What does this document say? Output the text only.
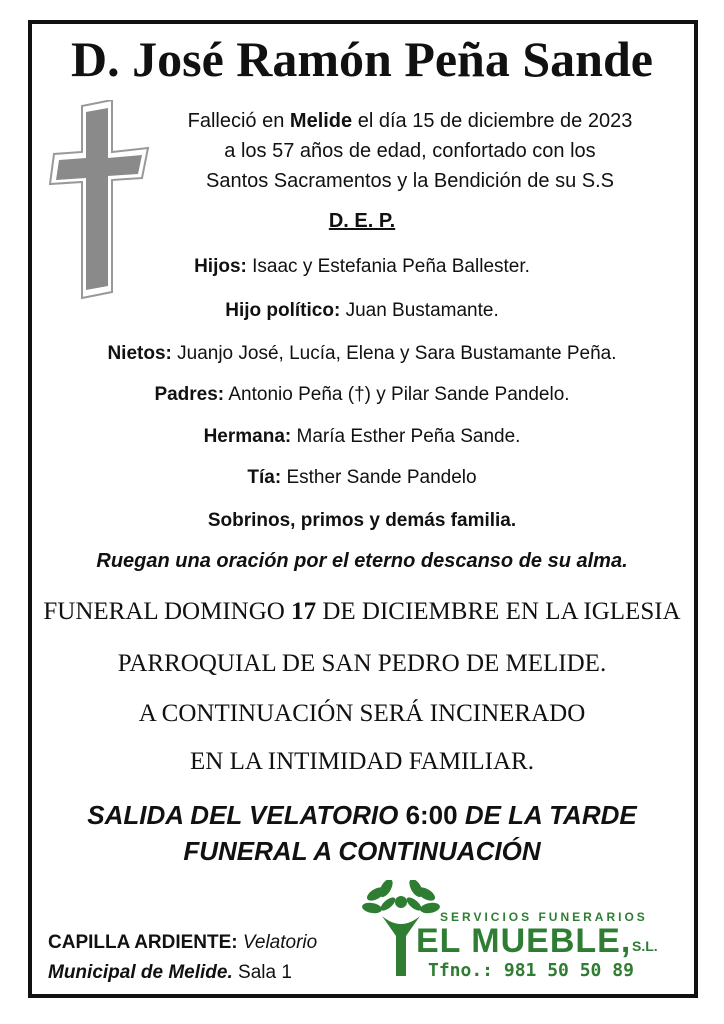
D. José Ramón Peña Sande
Falleció en Melide el día 15 de diciembre de 2023
a los 57 años de edad, confortado con los
Santos Sacramentos y la Bendición de su S.S
D. E. P.
Hijos: Isaac y Estefania Peña Ballester.
Hijo político: Juan Bustamante.
Nietos: Juanjo José, Lucía, Elena y Sara Bustamante Peña.
Padres: Antonio Peña (†) y Pilar Sande Pandelo.
Hermana: María Esther Peña Sande.
Tía: Esther Sande Pandelo
Sobrinos, primos y demás familia.
Ruegan una oración por el eterno descanso de su alma.
FUNERAL DOMINGO 17 DE DICIEMBRE EN LA IGLESIA
PARROQUIAL DE SAN PEDRO DE MELIDE.
A CONTINUACIÓN SERÁ INCINERADO
EN LA INTIMIDAD FAMILIAR.
SALIDA DEL VELATORIO 6:00 DE LA TARDE
FUNERAL A CONTINUACIÓN
CAPILLA ARDIENTE: Velatorio
Municipal de Melide. Sala 1
SERVICIOS FUNERARIOS
EL MUEBLE, S.L.
Tfno.: 981 50 50 89
